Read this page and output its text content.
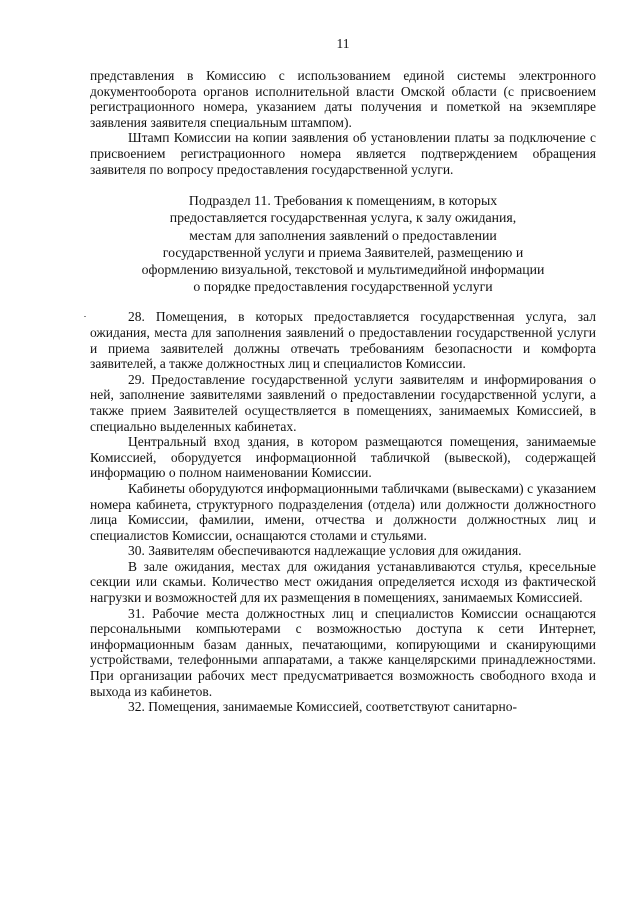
11

представления в Комиссию с использованием единой системы электронного документооборота органов исполнительной власти Омской области (с присвоением регистрационного номера, указанием даты получения и пометкой на экземпляре заявления заявителя специальным штампом).

Штамп Комиссии на копии заявления об установлении платы за подключение с присвоением регистрационного номера является подтверждением обращения заявителя по вопросу предоставления государственной услуги.

Подраздел 11. Требования к помещениям, в которых
предоставляется государственная услуга, к залу ожидания,
местам для заполнения заявлений о предоставлении
государственной услуги и приема Заявителей, размещению и
оформлению визуальной, текстовой и мультимедийной информации
о порядке предоставления государственной услуги

28. Помещения, в которых предоставляется государственная услуга, зал ожидания, места для заполнения заявлений о предоставлении государственной услуги и приема заявителей должны отвечать требованиям безопасности и комфорта заявителей, а также должностных лиц и специалистов Комиссии.

29. Предоставление государственной услуги заявителям и информирования о ней, заполнение заявителями заявлений о предоставлении государственной услуги, а также прием Заявителей осуществляется в помещениях, занимаемых Комиссией, в специально выделенных кабинетах.

Центральный вход здания, в котором размещаются помещения, занимаемые Комиссией, оборудуется информационной табличкой (вывеской), содержащей информацию о полном наименовании Комиссии.

Кабинеты оборудуются информационными табличками (вывесками) с указанием номера кабинета, структурного подразделения (отдела) или должности должностного лица Комиссии, фамилии, имени, отчества и должности должностных лиц и специалистов Комиссии, оснащаются столами и стульями.

30. Заявителям обеспечиваются надлежащие условия для ожидания.

В зале ожидания, местах для ожидания устанавливаются стулья, кресельные секции или скамьи. Количество мест ожидания определяется исходя из фактической нагрузки и возможностей для их размещения в помещениях, занимаемых Комиссией.

31. Рабочие места должностных лиц и специалистов Комиссии оснащаются персональными компьютерами с возможностью доступа к сети Интернет, информационным базам данных, печатающими, копирующими и сканирующими устройствами, телефонными аппаратами, а также канцелярскими принадлежностями. При организации рабочих мест предусматривается возможность свободного входа и выхода из кабинетов.

32. Помещения, занимаемые Комиссией, соответствуют санитарно-
